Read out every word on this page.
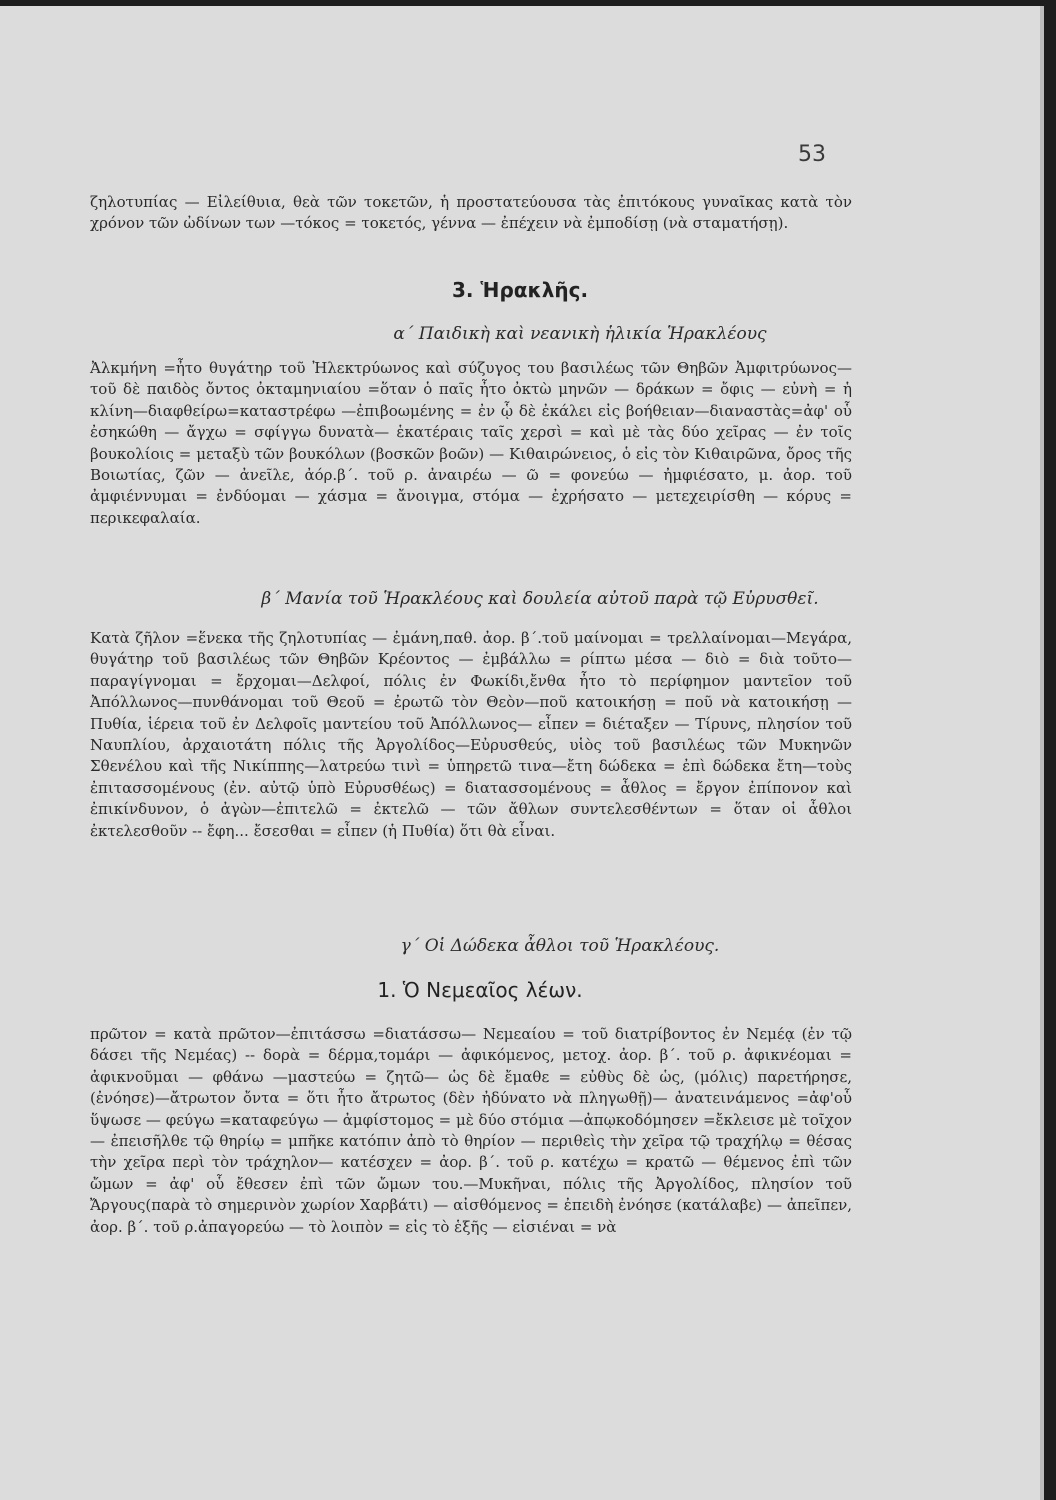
53

ζηλοτυπίας — Εἰλείθυια, θεὰ τῶν τοκετῶν, ἡ προστατεύουσα τὰς ἐπιτόκους γυναῖκας κατὰ τὸν χρόνον τῶν ὠδίνων των —τόκος = τοκετός, γέννα — ἐπέχειν νὰ ἐμποδίσῃ (νὰ σταματήσῃ).

3. Ἡρακλῆς.
α΄ Παιδικὴ καὶ νεανικὴ ἡλικία Ἡρακλέους

Ἀλκμήνη =ἦτο θυγάτηρ τοῦ Ἠλεκτρύωνος καὶ σύζυγος του βασιλέως τῶν Θηβῶν Ἀμφιτρύωνος—τοῦ δὲ παιδὸς ὄντος ὀκταμηνιαίου =ὅταν ὁ παῖς ἦτο ὀκτὼ μηνῶν — δράκων = ὄφις — εὐνὴ = ἡ κλίνη—διαφθείρω=καταστρέφω —ἐπιβοωμένης = ἐν ᾧ δὲ ἐκάλει εἰς βοήθειαν—διαναστὰς=ἀφ' οὗ ἐσηκώθη — ἄγχω = σφίγγω δυνατὰ— ἑκατέραις ταῖς χερσὶ = καὶ μὲ τὰς δύο χεῖρας — ἐν τοῖς βουκολίοις = μεταξὺ τῶν βουκόλων (βοσκῶν βοῶν) — Κιθαιρώνειος, ὁ εἰς τὸν Κιθαιρῶνα, ὄρος τῆς Βοιωτίας, ζῶν — ἀνεῖλε, ἀόρ.β΄. τοῦ ρ. ἀναιρέω — ῶ = φονεύω — ἠμφιέσατο, μ. ἀορ. τοῦ ἀμφιέννυμαι = ἐνδύομαι — χάσμα = ἄνοιγμα, στόμα — ἐχρήσατο — μετεχειρίσθη — κόρυς = περικεφαλαία.

β΄ Μανία τοῦ Ἡρακλέους καὶ δουλεία αὐτοῦ παρὰ τῷ Εὐρυσθεῖ.

Κατὰ ζῆλον =ἕνεκα τῆς ζηλοτυπίας — ἐμάνη,παθ. ἀορ. β΄.τοῦ μαίνομαι = τρελλαίνομαι—Μεγάρα, θυγάτηρ τοῦ βασιλέως τῶν Θηβῶν Κρέοντος — ἐμβάλλω = ρίπτω μέσα — διὸ = διὰ τοῦτο—παραγίγνομαι = ἔρχομαι—Δελφοί, πόλις ἐν Φωκίδι,ἔνθα ἦτο τὸ περίφημον μαντεῖον τοῦ Ἀπόλλωνος—πυνθάνομαι τοῦ Θεοῦ = ἐρωτῶ τὸν Θεὸν—ποῦ κατοικήσῃ = ποῦ νὰ κατοικήσῃ — Πυθία, ἱέρεια τοῦ ἐν Δελφοῖς μαντείου τοῦ Ἀπόλλωνος— εἶπεν = διέταξεν — Τίρυνς, πλησίον τοῦ Ναυπλίου, ἀρχαιοτάτη πόλις τῆς Ἀργολίδος—Εὐρυσθεύς, υἱὸς τοῦ βασιλέως τῶν Μυκηνῶν Σθενέλου καὶ τῆς Νικίππης—λατρεύω τινὶ = ὑπηρετῶ τινα—ἔτη δώδεκα = ἐπὶ δώδεκα ἔτη—τοὺς ἐπιτασσομένους (ἐν. αὐτῷ ὑπὸ Εὐρυσθέως) = διατασσομένους = ἆθλος = ἔργον ἐπίπονον καὶ ἐπικίνδυνον, ὁ ἀγὼν—ἐπιτελῶ = ἐκτελῶ — τῶν ἄθλων συντελεσθέντων = ὅταν οἱ ἆθλοι ἐκτελεσθοῦν -- ἔφη... ἔσεσθαι = εἶπεν (ἡ Πυθία) ὅτι θὰ εἶναι.

γ΄ Οἱ Δώδεκα ἆθλοι τοῦ Ἡρακλέους.
1. Ὁ Νεμεαῖος λέων.

πρῶτον = κατὰ πρῶτον—ἐπιτάσσω =διατάσσω— Νεμεαίου = τοῦ διατρίβοντος ἐν Νεμέᾳ (ἐν τῷ δάσει τῆς Νεμέας) -- δορὰ = δέρμα,τομάρι — ἀφικόμενος, μετοχ. ἀορ. β΄. τοῦ ρ. ἀφικνέομαι = ἀφικνοῦμαι — φθάνω —μαστεύω = ζητῶ— ὡς δὲ ἔμαθε = εὐθὺς δὲ ὡς, (μόλις) παρετήρησε, (ἐνόησε)—ἄτρωτον ὄντα = ὅτι ἦτο ἄτρωτος (δὲν ἠδύνατο νὰ πληγωθῇ)— ἀνατεινάμενος =ἀφ'οὗ ὕψωσε — φεύγω =καταφεύγω — ἀμφίστομος = μὲ δύο στόμια —ἀπῳκοδόμησεν =ἔκλεισε μὲ τοῖχον — ἐπεισῆλθε τῷ θηρίῳ = μπῆκε κατόπιν ἀπὸ τὸ θηρίον — περιθεὶς τὴν χεῖρα τῷ τραχήλῳ = θέσας τὴν χεῖρα περὶ τὸν τράχηλον— κατέσχεν = ἀορ. β΄. τοῦ ρ. κατέχω = κρατῶ — θέμενος ἐπὶ τῶν ὤμων = ἀφ' οὗ ἔθεσεν ἐπὶ τῶν ὤμων του.—Μυκῆναι, πόλις τῆς Ἀργολίδος, πλησίον τοῦ Ἄργους(παρὰ τὸ σημερινὸν χωρίον Χαρβάτι) — αἰσθόμενος = ἐπειδὴ ἐνόησε (κατάλαβε) — ἀπεῖπεν, ἀορ. β΄. τοῦ ρ.ἀπαγορεύω — τὸ λοιπὸν = εἰς τὸ ἑξῆς — εἰσιέναι = νὰ
